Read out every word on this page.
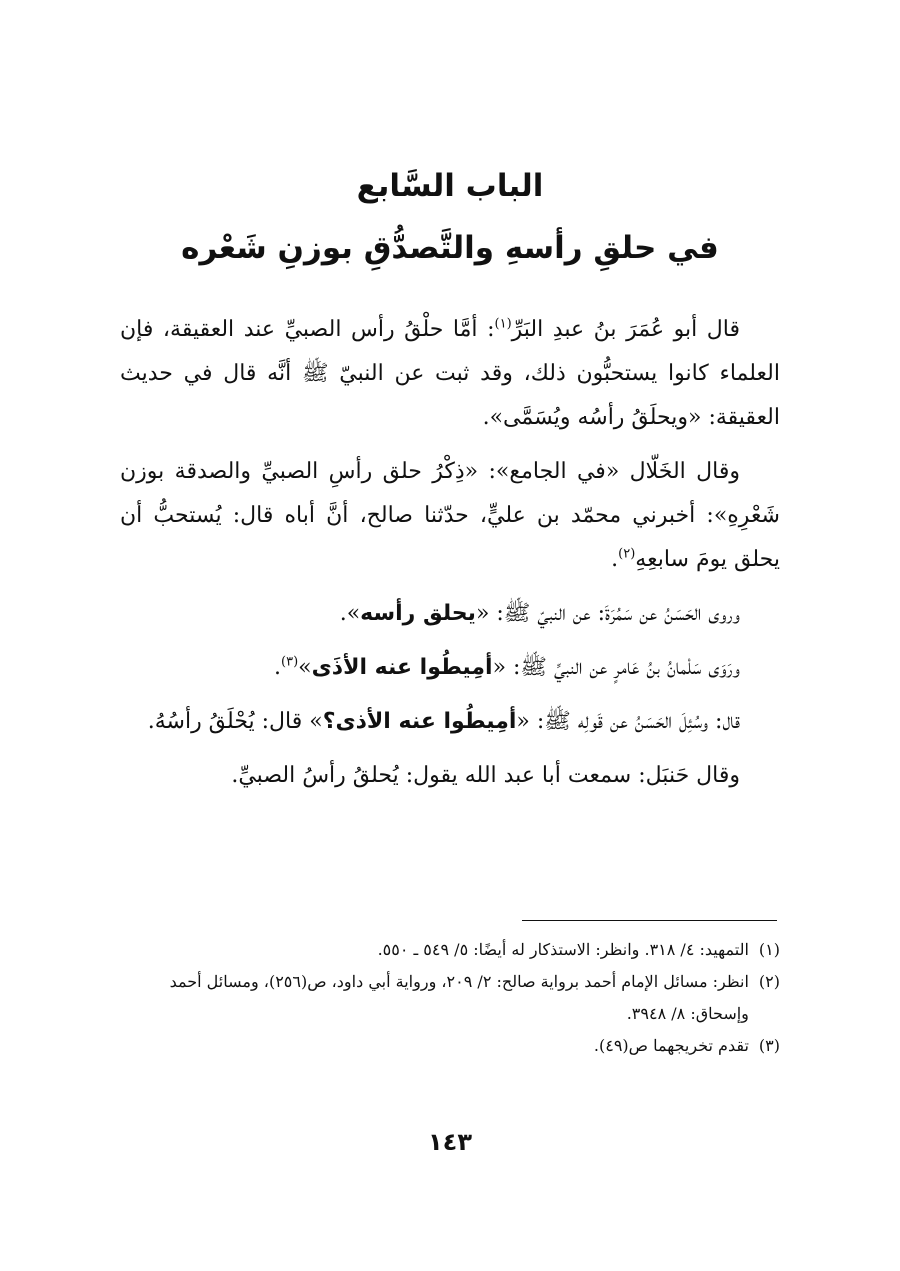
الباب السَّابع
في حلقِ رأسهِ والتَّصدُّقِ بوزنِ شَعْره

قال أبو عُمَرَ بنُ عبدِ البَرِّ$^{(١)}$: أمَّا حلْقُ رأس الصبيِّ عند العقيقة، فإن العلماء كانوا يستحبُّون ذلك، وقد ثبت عن النبيّ ﷺ أنَّه قال في حديث العقيقة: «ويحلَقُ رأسُه ويُسَمَّى».

وقال الخَلّال «في الجامع»: «ذِكْرُ حلق رأسِ الصبيِّ والصدقة بوزن شَعْرِهِ»: أخبرني محمّد بن عليٍّ، حدّثنا صالح، أنَّ أباه قال: يُستحبُّ أن يحلق يومَ سابعِهِ$^{(٢)}$.

وروى الحَسَنُ عن سَمُرَةَ: عن النبيّ ﷺ: «يحلق رأسه».

ورَوَى سَلْمانُ بنُ عَامرٍ عن النبيِّ ﷺ: «أمِيطُوا عنه الأذَى»$^{(٣)}$.

قال: وسُئِلَ الحَسَنُ عن قَولِه ﷺ: «أمِيطُوا عنه الأذى؟» قال: يُحْلَقُ رأسُهُ.

وقال حَنبَل: سمعت أبا عبد الله يقول: يُحلقُ رأسُ الصبيِّ.

(١)
التمهيد: ٤/ ٣١٨. وانظر: الاستذكار له أيضًا: ٥/ ٥٤٩ ـ ٥٥٠.
(٢)
انظر: مسائل الإمام أحمد برواية صالح: ٢/ ٢٠٩، ورواية أبي داود، ص(٢٥٦)، ومسائل أحمد وإسحاق: ٨/ ٣٩٤٨.
(٣)
تقدم تخريجهما ص(٤٩).
١٤٣
